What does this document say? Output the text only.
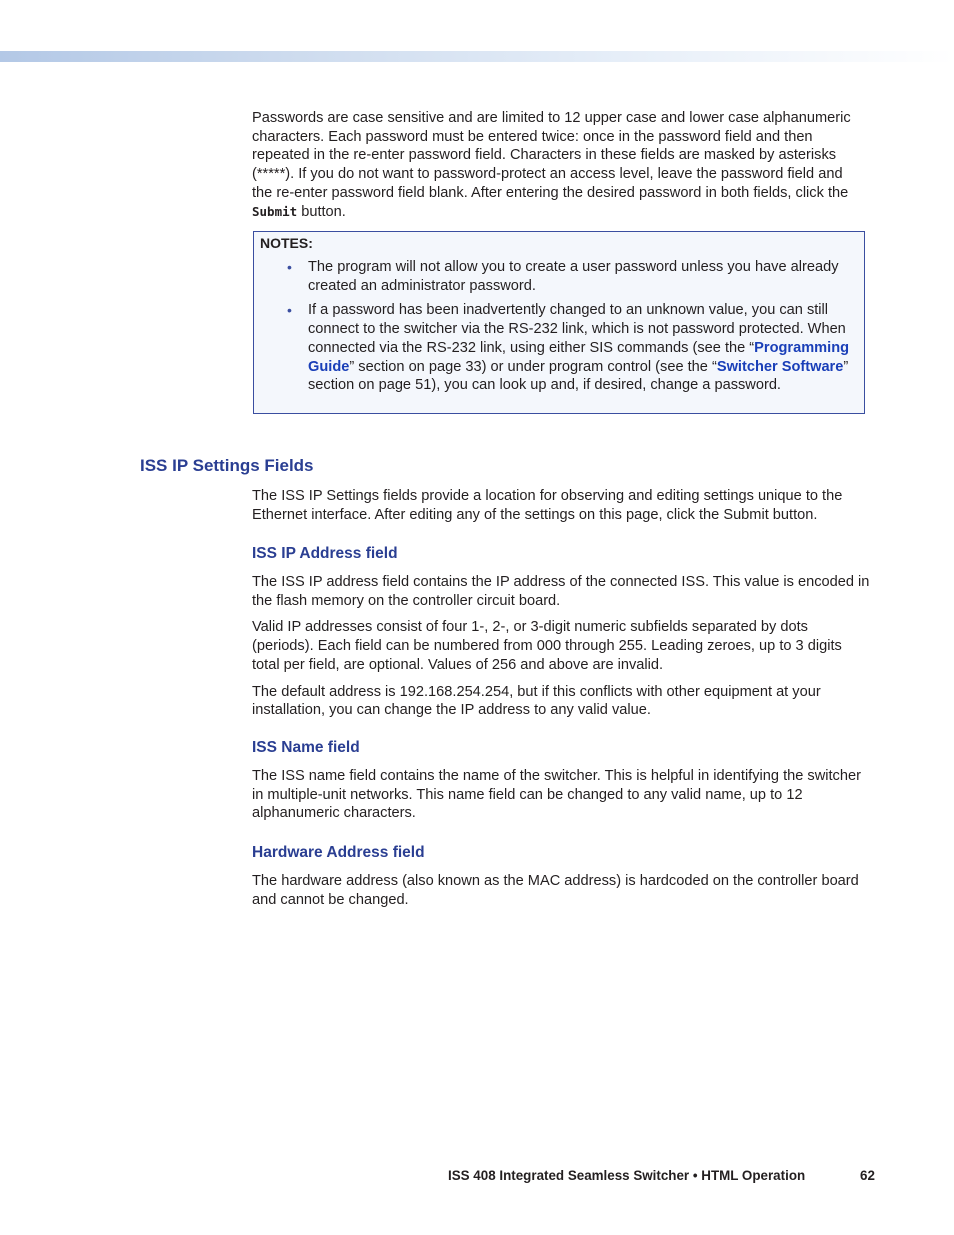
Passwords are case sensitive and are limited to 12 upper case and lower case alphanumeric characters. Each password must be entered twice: once in the password field and then repeated in the re-enter password field. Characters in these fields are masked by asterisks (*****). If you do not want to password-protect an access level, leave the password field and the re-enter password field blank. After entering the desired password in both fields, click the Submit button.

NOTES:
• The program will not allow you to create a user password unless you have already created an administrator password.
• If a password has been inadvertently changed to an unknown value, you can still connect to the switcher via the RS-232 link, which is not password protected. When connected via the RS-232 link, using either SIS commands (see the “Programming Guide” section on page 33) or under program control (see the “Switcher Software” section on page 51), you can look up and, if desired, change a password.
ISS IP Settings Fields

The ISS IP Settings fields provide a location for observing and editing settings unique to the Ethernet interface. After editing any of the settings on this page, click the Submit button.

ISS IP Address field

The ISS IP address field contains the IP address of the connected ISS. This value is encoded in the flash memory on the controller circuit board.

Valid IP addresses consist of four 1-, 2-, or 3-digit numeric subfields separated by dots (periods). Each field can be numbered from 000 through 255. Leading zeroes, up to 3 digits total per field, are optional. Values of 256 and above are invalid.

The default address is 192.168.254.254, but if this conflicts with other equipment at your installation, you can change the IP address to any valid value.

ISS Name field

The ISS name field contains the name of the switcher. This is helpful in identifying the switcher in multiple-unit networks. This name field can be changed to any valid name, up to 12 alphanumeric characters.

Hardware Address field

The hardware address (also known as the MAC address) is hardcoded on the controller board and cannot be changed.

ISS 408 Integrated Seamless Switcher • HTML Operation	62
